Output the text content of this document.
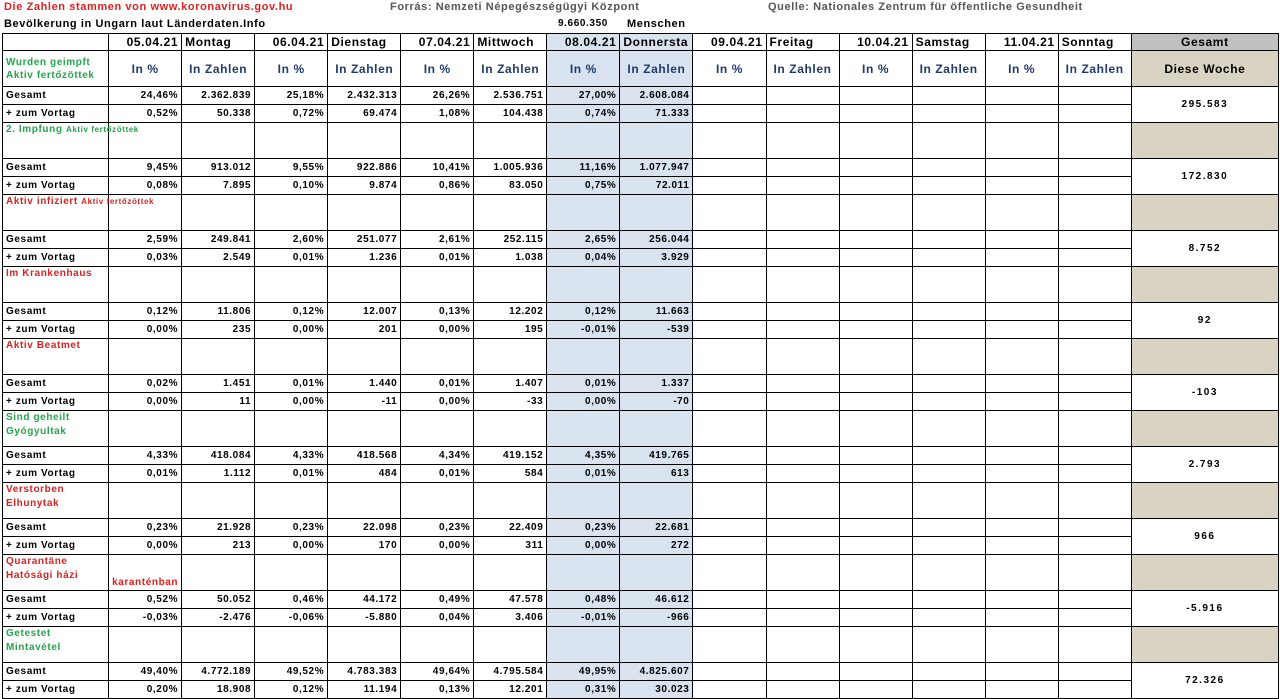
Die Zahlen stammen von www.koronavirus.gov.hu	Forrás: Nemzeti Népegészségügyi Központ	Quelle: Nationales Zentrum für öffentliche Gesundheit
Bevölkerung in Ungarn laut Länderdaten.Info	9.660.350 Menschen
	05.04.21	Montag	06.04.21	Dienstag	07.04.21	Mittwoch	08.04.21	Donnersta	09.04.21	Freitag	10.04.21	Samstag	11.04.21	Sonntag	Gesamt

Wurden geimpft
Aktiv fertőzöttek	In %	In Zahlen	In %	In Zahlen	In %	In Zahlen	In %	In Zahlen	In %	In Zahlen	In %	In Zahlen	In %	In Zahlen	Diese Woche
Gesamt	24,46%	2.362.839	25,18%	2.432.313	26,26%	2.536.751	27,00%	2.608.084							295.583
+ zum Vortag	0,52%	50.338	0,72%	69.474	1,08%	104.438	0,74%	71.333							
2. Impfung Aktiv fertőzöttek															
Gesamt	9,45%	913.012	9,55%	922.886	10,41%	1.005.936	11,16%	1.077.947							172.830
+ zum Vortag	0,08%	7.895	0,10%	9.874	0,86%	83.050	0,75%	72.011							
Aktiv infiziert Aktiv fertőzöttek															
Gesamt	2,59%	249.841	2,60%	251.077	2,61%	252.115	2,65%	256.044							8.752
+ zum Vortag	0,03%	2.549	0,01%	1.236	0,01%	1.038	0,04%	3.929							
Im Krankenhaus															
Gesamt	0,12%	11.806	0,12%	12.007	0,13%	12.202	0,12%	11.663							92
+ zum Vortag	0,00%	235	0,00%	201	0,00%	195	-0,01%	-539							
Aktiv Beatmet															
Gesamt	0,02%	1.451	0,01%	1.440	0,01%	1.407	0,01%	1.337							-103
+ zum Vortag	0,00%	11	0,00%	-11	0,00%	-33	0,00%	-70							
Sind geheilt
Gyógyultak															
Gesamt	4,33%	418.084	4,33%	418.568	4,34%	419.152	4,35%	419.765							2.793
+ zum Vortag	0,01%	1.112	0,01%	484	0,01%	584	0,01%	613							
Verstorben
Elhunytak															
Gesamt	0,23%	21.928	0,23%	22.098	0,23%	22.409	0,23%	22.681							966
+ zum Vortag	0,00%	213	0,00%	170	0,00%	311	0,00%	272							
Quarantäne
Hatósági házi	karanténban														
Gesamt	0,52%	50.052	0,46%	44.172	0,49%	47.578	0,48%	46.612							-5.916
+ zum Vortag	-0,03%	-2.476	-0,06%	-5.880	0,04%	3.406	-0,01%	-966							
Getestet
Mintavétel															
Gesamt	49,40%	4.772.189	49,52%	4.783.383	49,64%	4.795.584	49,95%	4.825.607							72.326
+ zum Vortag	0,20%	18.908	0,12%	11.194	0,13%	12.201	0,31%	30.023							
